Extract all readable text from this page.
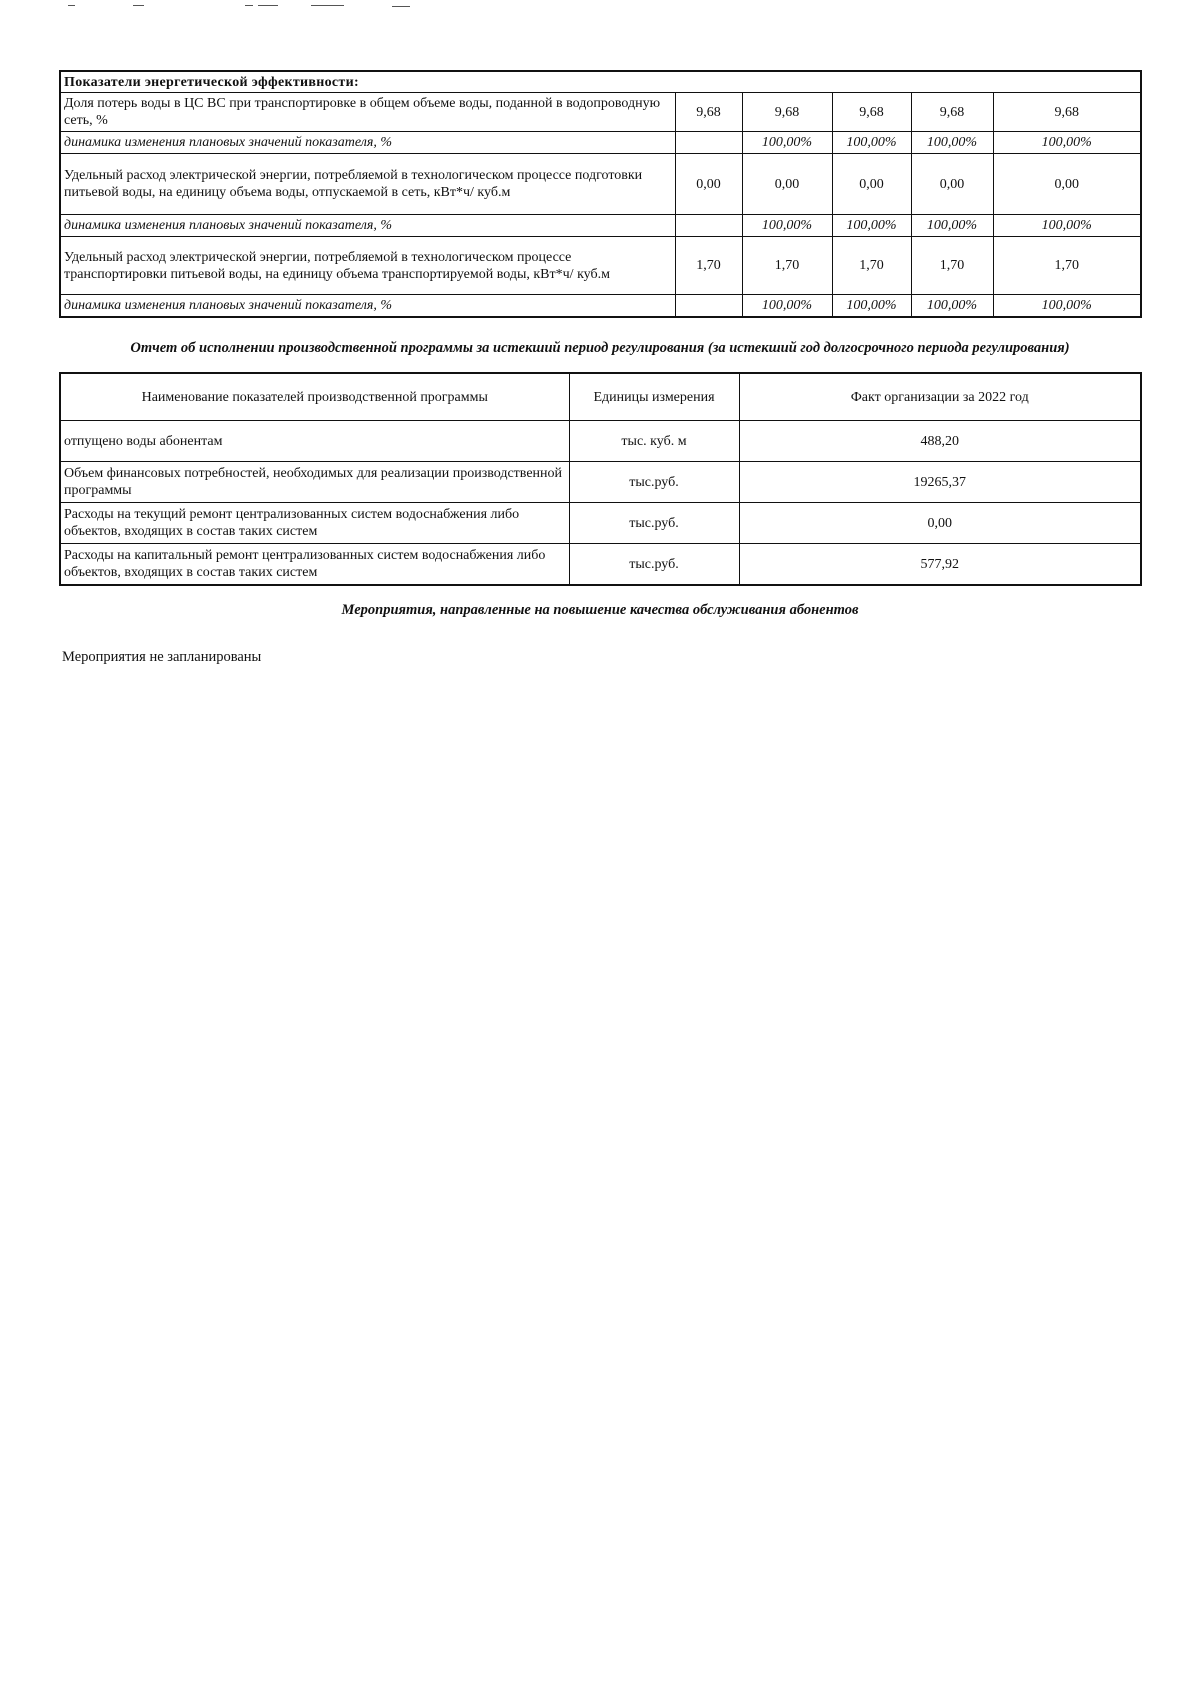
Показатели энергетической эффективности:					
Доля потерь воды в ЦС ВС при транспортировке в общем объеме воды, поданной в водопроводную сеть, %	9,68	9,68	9,68	9,68	9,68
динамика изменения плановых значений показателя, %		100,00%	100,00%	100,00%	100,00%
Удельный расход электрической энергии, потребляемой в технологическом процессе подготовки питьевой воды, на единицу объема воды, отпускаемой в сеть, кВт*ч/ куб.м	0,00	0,00	0,00	0,00	0,00
динамика изменения плановых значений показателя, %		100,00%	100,00%	100,00%	100,00%
Удельный расход электрической энергии, потребляемой в технологическом процессе транспортировки питьевой воды, на единицу объема транспортируемой воды, кВт*ч/ куб.м	1,70	1,70	1,70	1,70	1,70
динамика изменения плановых значений показателя, %		100,00%	100,00%	100,00%	100,00%
Отчет об исполнении производственной программы за истекший период регулирования (за истекший год долгосрочного периода регулирования)
Наименование показателей производственной программы	Единицы измерения	Факт организации за 2022 год
отпущено воды абонентам	тыс. куб. м	488,20
Объем финансовых потребностей, необходимых для реализации производственной программы	тыс.руб.	19265,37
Расходы на текущий ремонт централизованных систем водоснабжения либо объектов, входящих в состав таких систем	тыс.руб.	0,00
Расходы на капитальный ремонт централизованных систем водоснабжения либо объектов, входящих в состав таких систем	тыс.руб.	577,92
Мероприятия, направленные на повышение качества обслуживания абонентов
Мероприятия не запланированы
